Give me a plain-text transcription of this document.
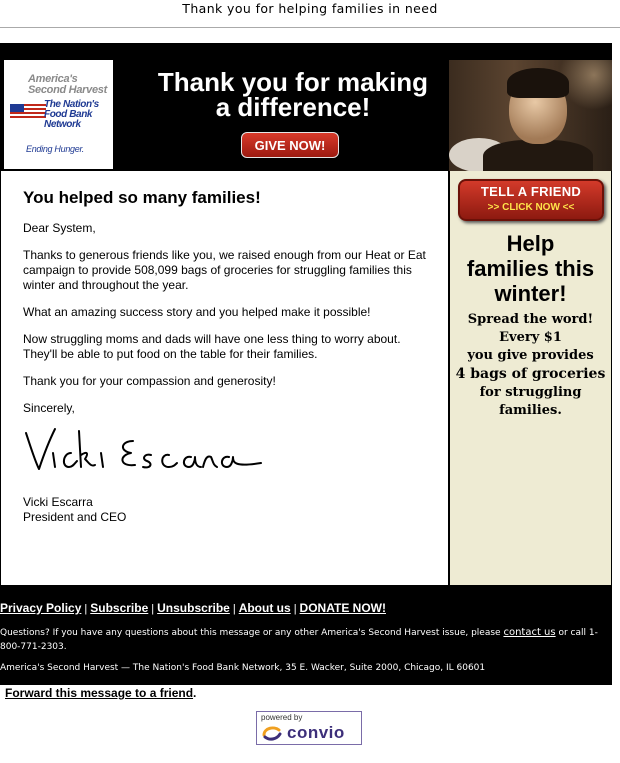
Thank you for helping families in need
America's
Second Harvest
The Nation's
Food Bank Network
Ending Hunger.
Thank you for making
a difference!
GIVE NOW!
You helped so many families!

Dear System,

Thanks to generous friends like you, we raised enough from our Heat or Eat campaign to provide 508,099 bags of groceries for struggling families this winter and throughout the year.

What an amazing success story and you helped make it possible!

Now struggling moms and dads will have one less thing to worry about. They'll be able to put food on the table for their families.

Thank you for your compassion and generosity!

Sincerely,

Vicki Escarra

President and CEO

TELL A FRIEND
>> CLICK NOW <<
Help
families this
winter!
Spread the word!
Every $1
you give provides
4 bags of groceries
for struggling
families.
Privacy Policy | Subscribe | Unsubscribe | About us | DONATE NOW!

Questions? If you have any questions about this message or any other America's Second Harvest issue, please contact us or call 1-800-771-2303.

America's Second Harvest — The Nation's Food Bank Network, 35 E. Wacker, Suite 2000, Chicago, IL 60601

Forward this message to a friend.
powered by
convio
